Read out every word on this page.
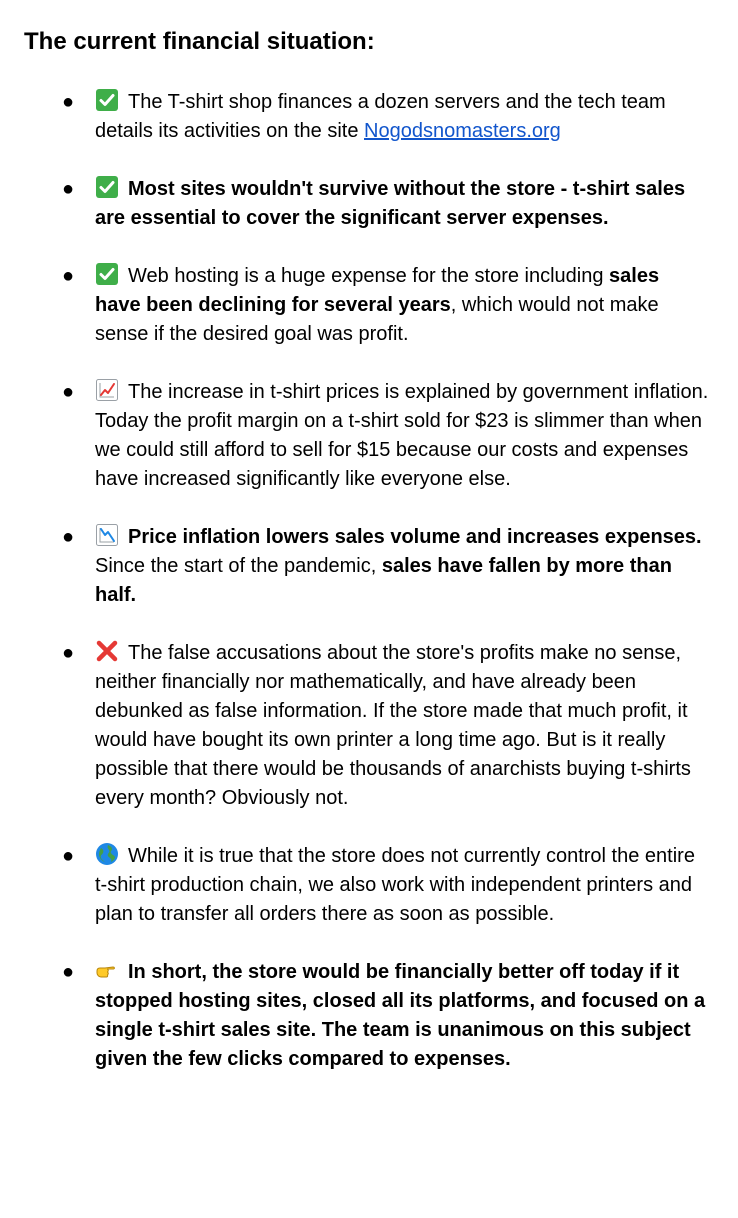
The current financial situation:
●	The T-shirt shop finances a dozen servers and the tech team details its activities on the site Nogodsnomasters.org
●	Most sites wouldn't survive without the store - t-shirt sales are essential to cover the significant server expenses.
●	Web hosting is a huge expense for the store including sales have been declining for several years, which would not make sense if the desired goal was profit.
●	The increase in t-shirt prices is explained by government inflation. Today the profit margin on a t-shirt sold for $23 is slimmer than when we could still afford to sell for $15 because our costs and expenses have increased significantly like everyone else.
●	Price inflation lowers sales volume and increases expenses. Since the start of the pandemic, sales have fallen by more than half.
●	The false accusations about the store's profits make no sense, neither financially nor mathematically, and have already been debunked as false information. If the store made that much profit, it would have bought its own printer a long time ago. But is it really possible that there would be thousands of anarchists buying t-shirts every month? Obviously not.
●	While it is true that the store does not currently control the entire t-shirt production chain, we also work with independent printers and plan to transfer all orders there as soon as possible.
●	In short, the store would be financially better off today if it stopped hosting sites, closed all its platforms, and focused on a single t-shirt sales site. The team is unanimous on this subject given the few clicks compared to expenses.
